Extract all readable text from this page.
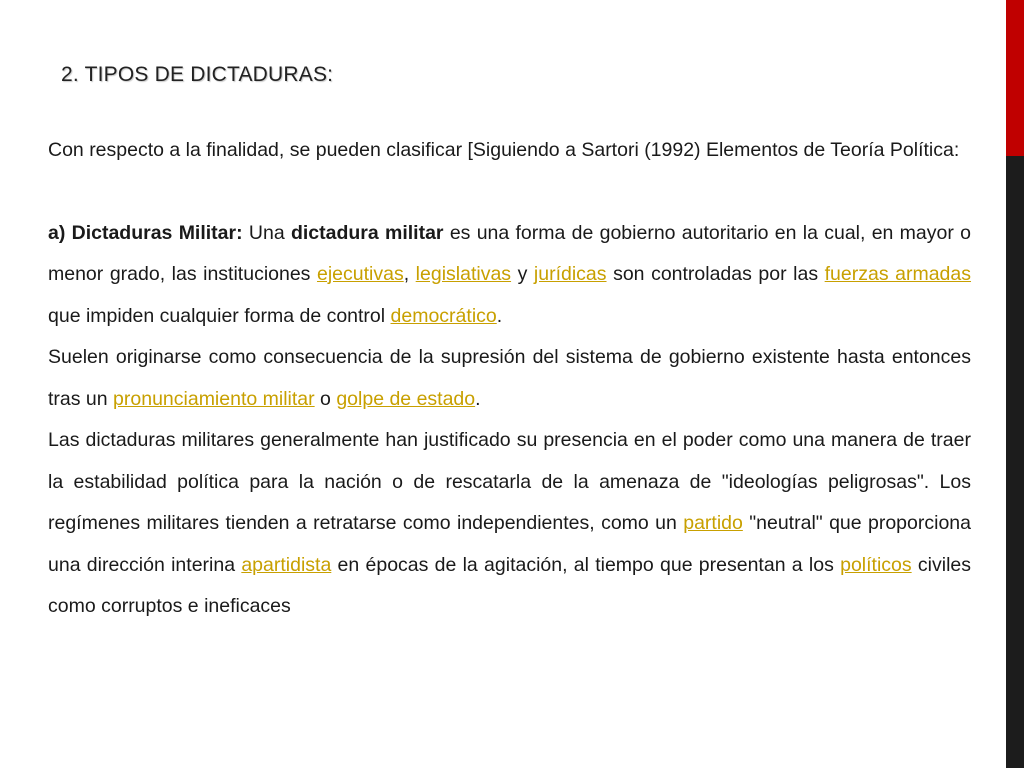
2. TIPOS DE DICTADURAS:

Con respecto a la finalidad, se pueden clasificar [Siguiendo a Sartori (1992) Elementos de Teoría Política:

a) Dictaduras Militar: Una dictadura militar es una forma de gobierno autoritario en la cual, en mayor o menor grado, las instituciones ejecutivas, legislativas y jurídicas son controladas por las fuerzas armadas que impiden cualquier forma de control democrático.

Suelen originarse como consecuencia de la supresión del sistema de gobierno existente hasta entonces tras un pronunciamiento militar o golpe de estado.

Las dictaduras militares generalmente han justificado su presencia en el poder como una manera de traer la estabilidad política para la nación o de rescatarla de la amenaza de "ideologías peligrosas". Los regímenes militares tienden a retratarse como independientes, como un partido "neutral" que proporciona una dirección interina apartidista en épocas de la agitación, al tiempo que presentan a los políticos civiles como corruptos e ineficaces
